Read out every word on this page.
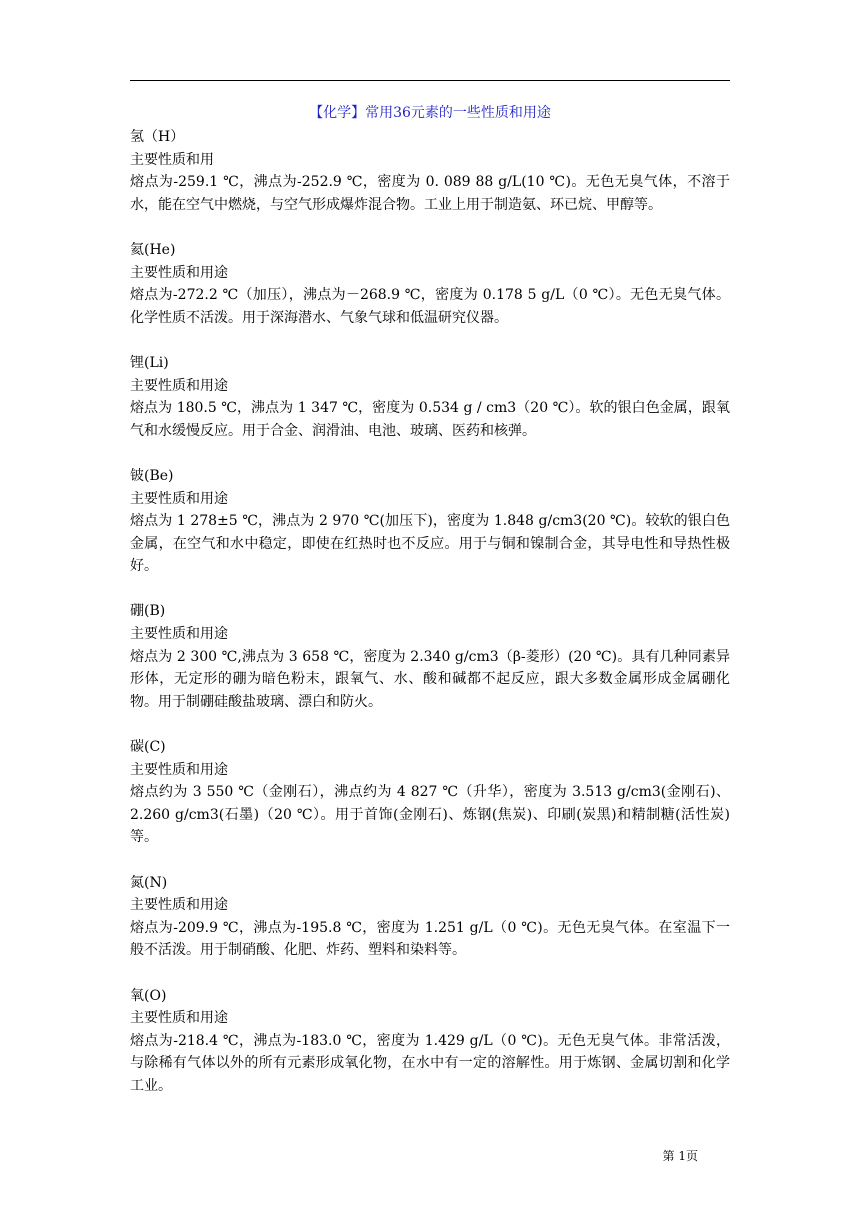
【化学】常用36元素的一些性质和用途
氢（H）
主要性质和用
熔点为-259.1 ℃，沸点为-252.9 ℃，密度为 0. 089 88 g/L(10 ℃)。无色无臭气体，不溶于水，能在空气中燃烧，与空气形成爆炸混合物。工业上用于制造氨、环已烷、甲醇等。
氦(He)
主要性质和用途
熔点为-272.2 ℃（加压），沸点为－268.9 ℃，密度为 0.178 5 g/L（0 ℃）。无色无臭气体。化学性质不活泼。用于深海潜水、气象气球和低温研究仪器。
锂(Li)
主要性质和用途
熔点为 180.5 ℃，沸点为 1 347 ℃，密度为 0.534 g / cm3（20 ℃）。软的银白色金属，跟氧气和水缓慢反应。用于合金、润滑油、电池、玻璃、医药和核弹。
铍(Be)
主要性质和用途
熔点为 1 278±5 ℃，沸点为 2 970 ℃(加压下)，密度为 1.848 g/cm3(20 ℃)。较软的银白色金属，在空气和水中稳定，即使在红热时也不反应。用于与铜和镍制合金，其导电性和导热性极好。
硼(B)
主要性质和用途
熔点为 2 300 ℃,沸点为 3 658 ℃，密度为 2.340 g/cm3（β-菱形）(20 ℃)。具有几种同素异形体，无定形的硼为暗色粉末，跟氧气、水、酸和碱都不起反应，跟大多数金属形成金属硼化物。用于制硼硅酸盐玻璃、漂白和防火。
碳(C)
主要性质和用途
熔点约为 3 550 ℃（金刚石），沸点约为 4 827 ℃（升华），密度为 3.513 g/cm3(金刚石)、2.260 g/cm3(石墨)（20 ℃）。用于首饰(金刚石)、炼钢(焦炭)、印刷(炭黑)和精制糖(活性炭)等。
氮(N)
主要性质和用途
熔点为-209.9 ℃，沸点为-195.8 ℃，密度为 1.251 g/L（0 ℃)。无色无臭气体。在室温下一般不活泼。用于制硝酸、化肥、炸药、塑料和染料等。
氧(O)
主要性质和用途
熔点为-218.4 ℃，沸点为-183.0 ℃，密度为 1.429 g/L（0 ℃)。无色无臭气体。非常活泼，与除稀有气体以外的所有元素形成氧化物，在水中有一定的溶解性。用于炼钢、金属切割和化学工业。
第 1页
